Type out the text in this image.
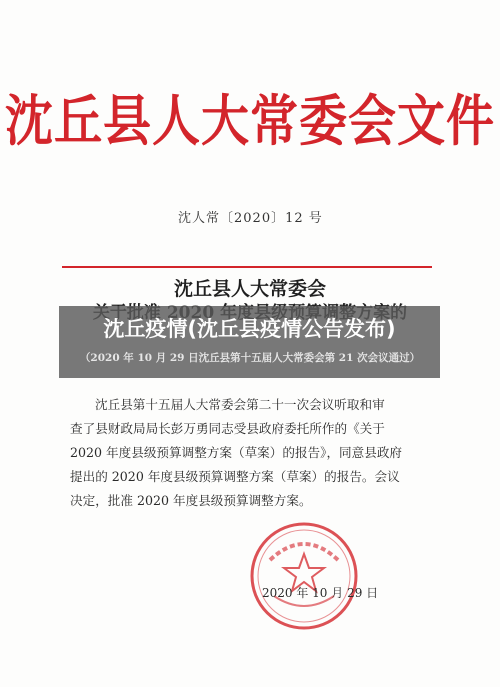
沈丘县人大常委会文件
沈人常〔2020〕12 号
沈丘县人大常委会
沈丘疫情(沈丘县疫情公告发布)
（2020 年 10 月 29 日沈丘县第十五届人大常委会第 21 次会议通过）
沈丘县第十五届人大常委会第二十一次会议听取和审
查了县财政局局长彭万勇同志受县政府委托所作的《关于
2020 年度县级预算调整方案（草案）的报告》，同意县政府
提出的 2020 年度县级预算调整方案（草案）的报告。会议
决定，批准 2020 年度县级预算调整方案。
2020 年 10 月 29 日
